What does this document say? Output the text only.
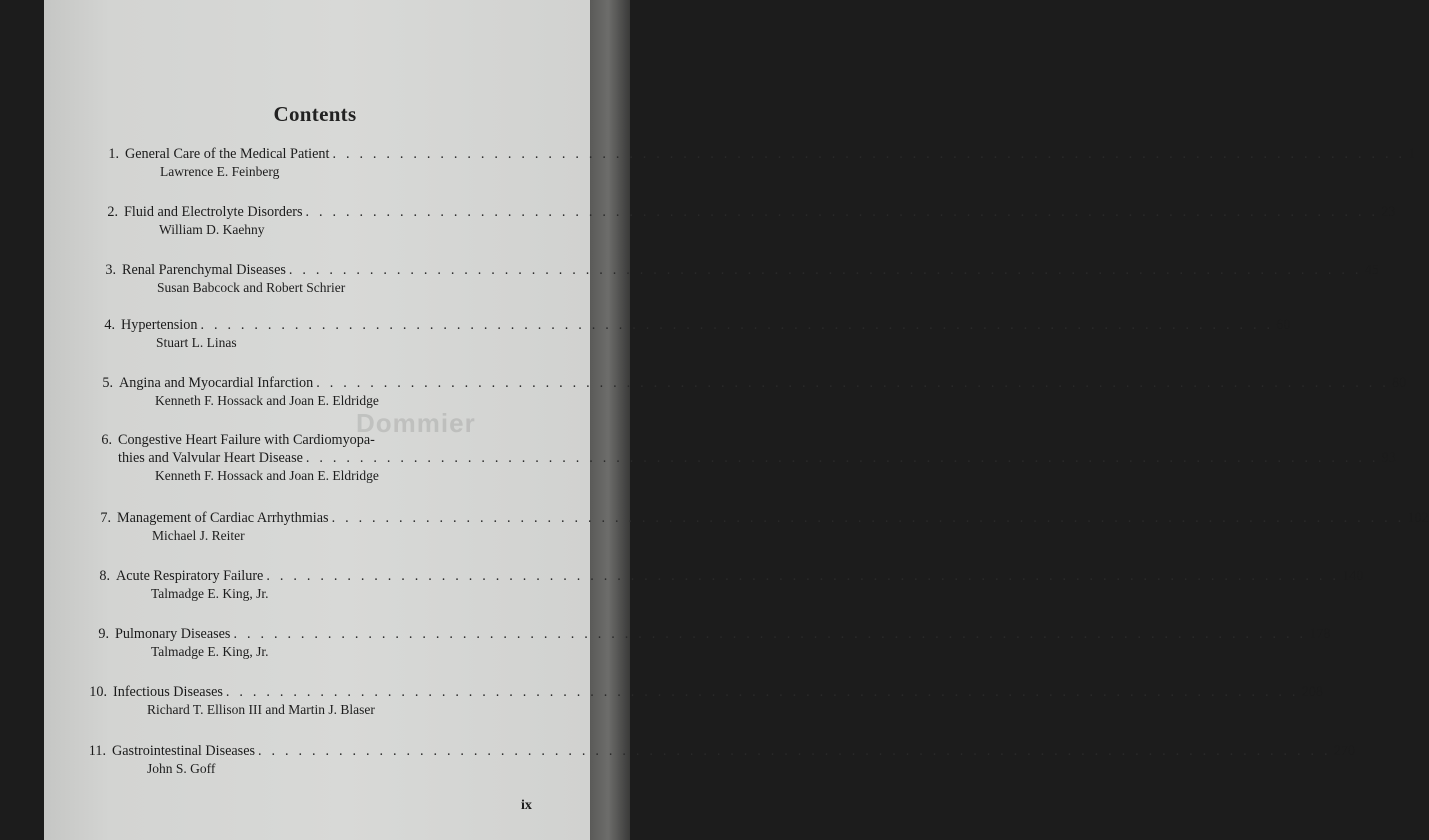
Dommier
Contents
1. General Care of the Medical Patient . . . . . . . . . . . . . . . . . . . . . . . . . . . . . . . . . . . . . . . . . . . . . . . . . . . . . . . . . . . . . . . . . . . . . . . . . . . . . . . . 1
Lawrence E. Feinberg
2. Fluid and Electrolyte Disorders . . . . . . . . . . . . . . . . . . . . . . . . . . . . . . . . . . . . . . . . . . . . . . . . . . . . . . . . . . . . . . . . . . . . . . . . . . . . . . . . 23
William D. Kaehny
3. Renal Parenchymal Diseases . . . . . . . . . . . . . . . . . . . . . . . . . . . . . . . . . . . . . . . . . . . . . . . . . . . . . . . . . . . . . . . . . . . . . . . . . . . . . . . . 45
Susan Babcock and Robert Schrier
4. Hypertension . . . . . . . . . . . . . . . . . . . . . . . . . . . . . . . . . . . . . . . . . . . . . . . . . . . . . . . . . . . . . . . . . . . . . . . . . . . . . . . . 60
Stuart L. Linas
5. Angina and Myocardial Infarction . . . . . . . . . . . . . . . . . . . . . . . . . . . . . . . . . . . . . . . . . . . . . . . . . . . . . . . . . . . . . . . . . . . . . . . . . . . . . . . . 80
Kenneth F. Hossack and Joan E. Eldridge
6. Congestive Heart Failure with Cardiomyopa-
thies and Valvular Heart Disease . . . . . . . . . . . . . . . . . . . . . . . . . . . . . . . . . . . . . . . . . . . . . . . . . . . . . . . . . . . . . . . . . . . . . . . . . . . . . . . . 93
Kenneth F. Hossack and Joan E. Eldridge
7. Management of Cardiac Arrhythmias . . . . . . . . . . . . . . . . . . . . . . . . . . . . . . . . . . . . . . . . . . . . . . . . . . . . . . . . . . . . . . . . . . . . . . . . . . . . . . . . 102
Michael J. Reiter
8. Acute Respiratory Failure . . . . . . . . . . . . . . . . . . . . . . . . . . . . . . . . . . . . . . . . . . . . . . . . . . . . . . . . . . . . . . . . . . . . . . . . . . . . . . . . 140
Talmadge E. King, Jr.
9. Pulmonary Diseases . . . . . . . . . . . . . . . . . . . . . . . . . . . . . . . . . . . . . . . . . . . . . . . . . . . . . . . . . . . . . . . . . . . . . . . . . . . . . . . . 178
Talmadge E. King, Jr.
10. Infectious Diseases . . . . . . . . . . . . . . . . . . . . . . . . . . . . . . . . . . . . . . . . . . . . . . . . . . . . . . . . . . . . . . . . . . . . . . . . . . . . . . . . 208
Richard T. Ellison III and Martin J. Blaser
11. Gastrointestinal Diseases . . . . . . . . . . . . . . . . . . . . . . . . . . . . . . . . . . . . . . . . . . . . . . . . . . . . . . . . . . . . . . . . . . . . . . . . . . . . . . . . 270
John S. Goff
ix
